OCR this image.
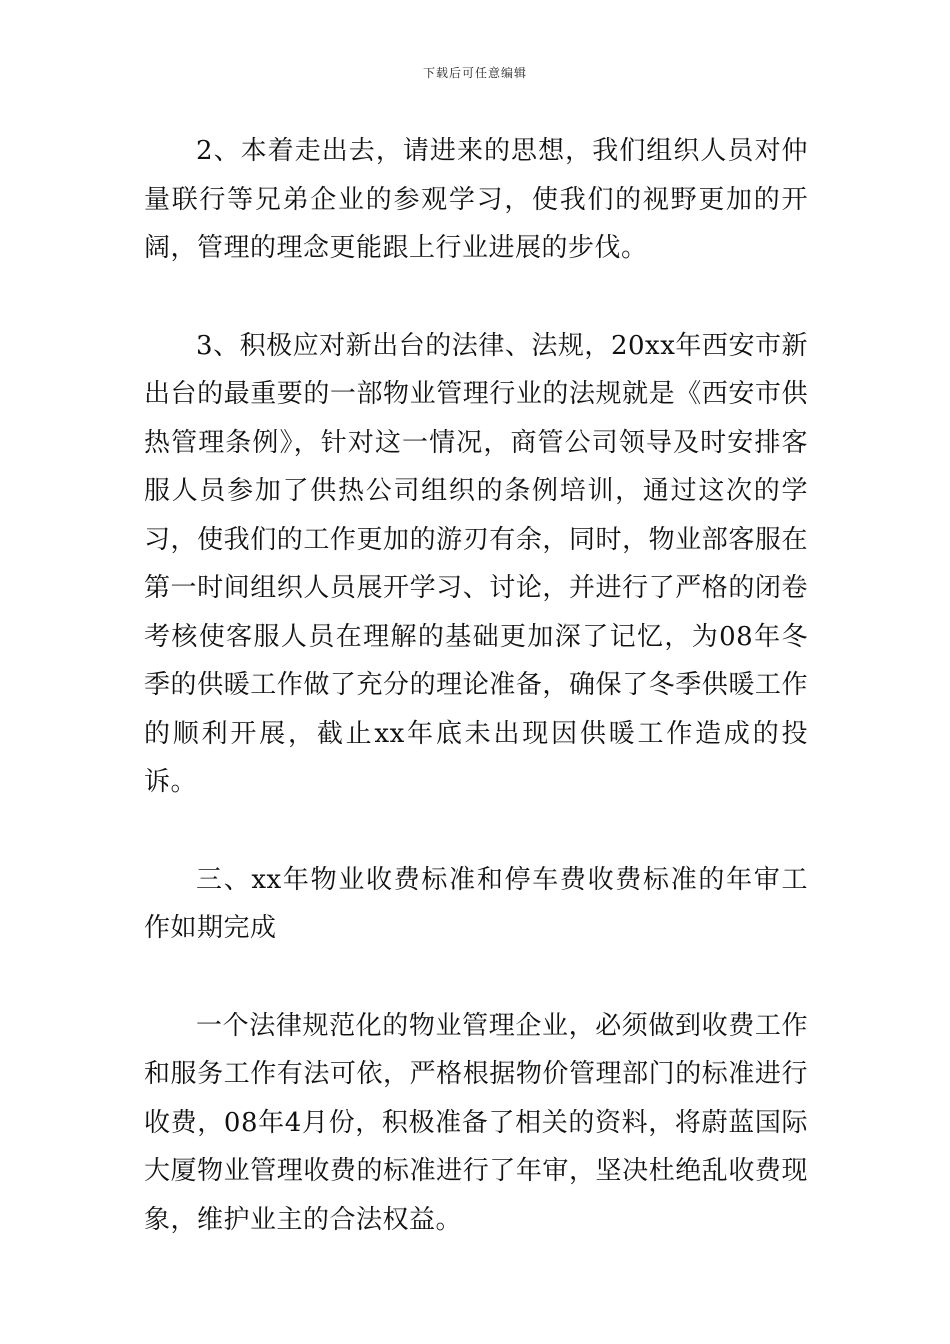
下载后可任意编辑

2、本着走出去，请进来的思想，我们组织人员对仲量联行等兄弟企业的参观学习，使我们的视野更加的开阔，管理的理念更能跟上行业进展的步伐。

3、积极应对新出台的法律、法规，20xx年西安市新出台的最重要的一部物业管理行业的法规就是《西安市供热管理条例》，针对这一情况，商管公司领导及时安排客服人员参加了供热公司组织的条例培训，通过这次的学习，使我们的工作更加的游刃有余，同时，物业部客服在第一时间组织人员展开学习、讨论，并进行了严格的闭卷考核使客服人员在理解的基础更加深了记忆，为08年冬季的供暖工作做了充分的理论准备，确保了冬季供暖工作的顺利开展，截止xx年底未出现因供暖工作造成的投诉。

三、xx年物业收费标准和停车费收费标准的年审工作如期完成

一个法律规范化的物业管理企业，必须做到收费工作和服务工作有法可依，严格根据物价管理部门的标准进行收费，08年4月份，积极准备了相关的资料，将蔚蓝国际大厦物业管理收费的标准进行了年审，坚决杜绝乱收费现象，维护业主的合法权益。
